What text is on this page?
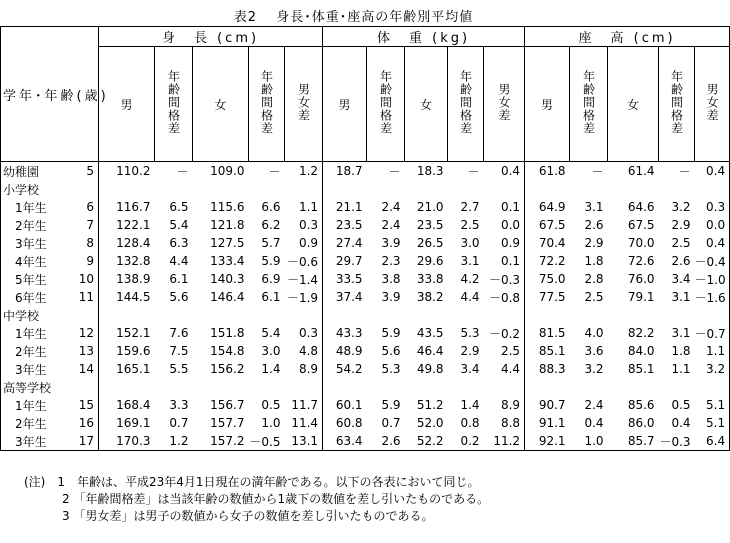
表2　 身長･体重･座高の年齢別平均値
学年･年齢(歳)		身　長 (cm)					体　重 (kg)					座　高 (cm)				
		男	年齢間格差	女	年齢間格差	男女差	男	年齢間格差	女	年齢間格差	男女差	男	年齢間格差	女	年齢間格差	男女差
幼稚園	5	110.2	－	109.0	－	1.2	18.7	－	18.3	－	0.4	61.8	－	61.4	－	0.4
小学校																
1年生	6	116.7	6.5	115.6	6.6	1.1	21.1	2.4	21.0	2.7	0.1	64.9	3.1	64.6	3.2	0.3
2年生	7	122.1	5.4	121.8	6.2	0.3	23.5	2.4	23.5	2.5	0.0	67.5	2.6	67.5	2.9	0.0
3年生	8	128.4	6.3	127.5	5.7	0.9	27.4	3.9	26.5	3.0	0.9	70.4	2.9	70.0	2.5	0.4
4年生	9	132.8	4.4	133.4	5.9	－0.6	29.7	2.3	29.6	3.1	0.1	72.2	1.8	72.6	2.6	－0.4
5年生	10	138.9	6.1	140.3	6.9	－1.4	33.5	3.8	33.8	4.2	－0.3	75.0	2.8	76.0	3.4	－1.0
6年生	11	144.5	5.6	146.4	6.1	－1.9	37.4	3.9	38.2	4.4	－0.8	77.5	2.5	79.1	3.1	－1.6
中学校																
1年生	12	152.1	7.6	151.8	5.4	0.3	43.3	5.9	43.5	5.3	－0.2	81.5	4.0	82.2	3.1	－0.7
2年生	13	159.6	7.5	154.8	3.0	4.8	48.9	5.6	46.4	2.9	2.5	85.1	3.6	84.0	1.8	1.1
3年生	14	165.1	5.5	156.2	1.4	8.9	54.2	5.3	49.8	3.4	4.4	88.3	3.2	85.1	1.1	3.2
高等学校																
1年生	15	168.4	3.3	156.7	0.5	11.7	60.1	5.9	51.2	1.4	8.9	90.7	2.4	85.6	0.5	5.1
2年生	16	169.1	0.7	157.7	1.0	11.4	60.8	0.7	52.0	0.8	8.8	91.1	0.4	86.0	0.4	5.1
3年生	17	170.3	1.2	157.2	－0.5	13.1	63.4	2.6	52.2	0.2	11.2	92.1	1.0	85.7	－0.3	6.4
(注)　1　年齢は、平成23年4月1日現在の満年齢である。以下の各表において同じ。
2 「年齢間格差」は当該年齢の数値から1歳下の数値を差し引いたものである。
3 「男女差」は男子の数値から女子の数値を差し引いたものである。
